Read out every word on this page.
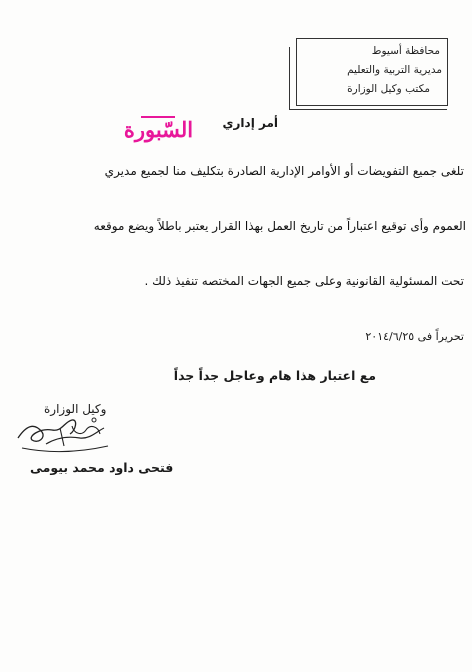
محافظة أسيوط
مديرية التربية والتعليم
مكتب وكيل الوزارة
أمر إداري
السّبورة
تلغى جميع التفويضات أو الأوامر الإدارية الصادرة بتكليف منا لجميع مديري
العموم وأى توقيع اعتباراً من تاريخ العمل بهذا القرار يعتبر باطلاً ويضع موقعه
تحت المسئولية القانونية وعلى جميع الجهات المختصه تنفيذ ذلك .
تحريراً فى ٢٠١٤/٦/٢٥
مع اعتبار هذا هام وعاجل جداً جداً
وكيل الوزارة
فتحى داود محمد بيومى
